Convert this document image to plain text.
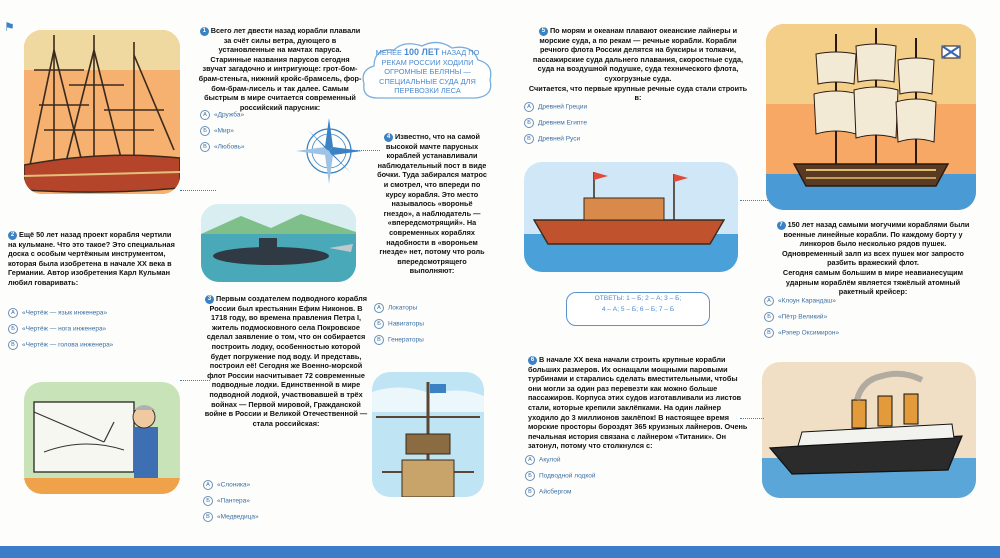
⚑	1 Всего лет двести назад корабли плавали за счёт силы ветра, дующего в установленные на мачтах паруса. Старинные названия парусов сегодня звучат загадочно и интригующе: грот-бом-брам-стеньга, нижний кройс-брамсель, фор-бом-брам-лисель и так далее. Самым быстрым в мире считается современный российский парусник:
А «Дружба»
Б «Мир»
В «Любовь»
2 Ещё 50 лет назад проект корабля чертили на кульмане. Что это такое? Это специальная доска с особым чертёжным инструментом, которая была изобретена в начале XX века в Германии. Автор изобретения Карл Кульман любил говаривать:
А «Чертёж — язык инженера»
Б «Чертёж — нога инженера»
В «Чертёж — голова инженера»
3 Первым создателем подводного корабля России был крестьянин Ефим Никонов. В 1718 году, во времена правления Петра I, житель подмосковного села Покровское сделал заявление о том, что он собирается построить лодку, особенностью которой будет погружение под воду. И представь, построил её! Сегодня же Военно-морской флот России насчитывает 72 современные подводные лодки. Единственной в мире подводной лодкой, участвовавшей в трёх войнах — Первой мировой, Гражданской войне в России и Великой Отечественной — стала российская:
А «Слоника»
Б «Пантера»
В «Медведица»
МЕНЕЕ 100 ЛЕТ НАЗАД ПО РЕКАМ РОССИИ ХОДИЛИ ОГРОМНЫЕ БЕЛЯНЫ — СПЕЦИАЛЬНЫЕ СУДА ДЛЯ ПЕРЕВОЗКИ ЛЕСА
4 Известно, что на самой высокой мачте парусных кораблей устанавливали наблюдательный пост в виде бочки. Туда забирался матрос и смотрел, что впереди по курсу корабля. Это место называлось «вороньё гнездо», а наблюдатель — «впередсмотрящий». На современных кораблях надобности в «вороньем гнезде» нет, потому что роль впередсмотрящего выполняют:
А Локаторы
Б Навигаторы
В Генераторы
5 По морям и океанам плавают океанские лайнеры и морские суда, а по рекам — речные корабли. Корабли речного флота России делятся на буксиры и толкачи, пассажирские суда дальнего плавания, скоростные суда, суда на воздушной подушке, суда технического флота, сухогрузные суда.
Считается, что первые крупные речные суда стали строить в:
А Древней Греции
Б Древнем Египте
В Древней Руси
ОТВЕТЫ: 1 – Б; 2 – А; 3 – Б;
4 – А; 5 – Б; 6 – Б; 7 – Б
6 В начале XX века начали строить крупные корабли больших размеров. Их оснащали мощными паровыми турбинами и старались сделать вместительными, чтобы они могли за один раз перевезти как можно больше пассажиров. Корпуса этих судов изготавливали из листов стали, которые крепили заклёпками. На один лайнер уходило до 3 миллионов заклёпок! В настоящее время морские просторы бороздят 365 круизных лайнеров. Очень печальная история связана с лайнером «Титаник». Он затонул, потому что столкнулся с:
А Акулой
Б Подводной лодкой
В Айсбергом
7 150 лет назад самыми могучими кораблями были военные линейные корабли. По каждому борту у линкоров было несколько рядов пушек. Одновременный залп из всех пушек мог запросто разбить вражеский флот.
Сегодня самым большим в мире неавианесущим ударным кораблём является тяжёлый атомный ракетный крейсер:
А «Клоун Карандаш»
Б «Пётр Великий»
В «Рэпер Оксимирон»
